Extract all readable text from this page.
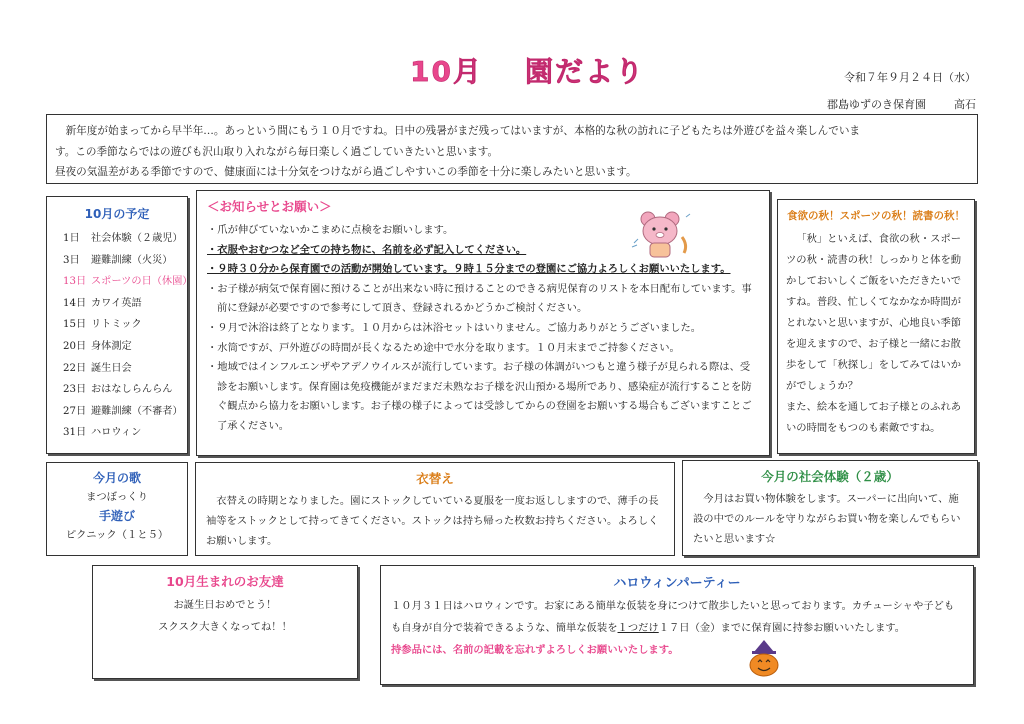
10月 園だより	令和７年９月２４日（水）
郡島ゆずのき保育園	高石

新年度が始まってから早半年…。あっという間にもう１０月ですね。日中の残暑がまだ残ってはいますが、本格的な秋の訪れに子どもたちは外遊びを益々楽しんでいま

す。この季節ならではの遊びも沢山取り入れながら毎日楽しく過ごしていきたいと思います。

昼夜の気温差がある季節ですので、健康面には十分気をつけながら過ごしやすいこの季節を十分に楽しみたいと思います。

10月の予定
1日 社会体験（２歳児）
3日 避難訓練（火災）
13日 スポーツの日（休園）
14日 カワイ英語
15日 リトミック
20日 身体測定
22日 誕生日会
23日 おはなしらんらん
27日 避難訓練（不審者）
31日 ハロウィン
＜お知らせとお願い＞
・爪が伸びていないかこまめに点検をお願いします。
・衣服やおむつなど全ての持ち物に、名前を必ず記入してください。
・９時３０分から保育園での活動が開始しています。９時１５分までの登園にご協力よろしくお願いいたします。
・お子様が病気で保育園に預けることが出来ない時に預けることのできる病児保育のリストを本日配布しています。事前に登録が必要ですので参考にして頂き、登録されるかどうかご検討ください。
・９月で沐浴は終了となります。１０月からは沐浴セットはいりません。ご協力ありがとうございました。
・水筒ですが、戸外遊びの時間が長くなるため途中で水分を取ります。１０月末までご持参ください。
・地域ではインフルエンザやアデノウイルスが流行しています。お子様の体調がいつもと違う様子が見られる際は、受診をお願いします。保育園は免疫機能がまだまだ未熟なお子様を沢山預かる場所であり、感染症が流行することを防ぐ観点から協力をお願いします。お子様の様子によっては受診してからの登園をお願いする場合もございますことご了承ください。
食欲の秋！スポーツの秋！読書の秋！

「秋」といえば、食欲の秋・スポーツの秋・読書の秋！しっかりと体を動かしておいしくご飯をいただきたいですね。普段、忙しくてなかなか時間がとれないと思いますが、心地良い季節を迎えますので、お子様と一緒にお散歩をして「秋探し」をしてみてはいかがでしょうか？

また、絵本を通してお子様とのふれあいの時間をもつのも素敵ですね。

今月の歌

まつぼっくり

手遊び

ピクニック（１と５）

衣替え

衣替えの時期となりました。園にストックしていている夏服を一度お返ししますので、薄手の長袖等をストックとして持ってきてください。ストックは持ち帰った枚数お持ちください。よろしくお願いします。

今月の社会体験（２歳）

今月はお買い物体験をします。スーパーに出向いて、施設の中でのルールを守りながらお買い物を楽しんでもらいたいと思います☆

10月生まれのお友達

お誕生日おめでとう！

スクスク大きくなってね！！

ハロウィンパーティー

１０月３１日はハロウィンです。お家にある簡単な仮装を身につけて散歩したいと思っております。カチューシャや子どもも自身が自分で装着できるような、簡単な仮装を１つだけ１７日（金）までに保育園に持参お願いいたします。

持参品には、名前の記載を忘れずよろしくお願いいたします。
